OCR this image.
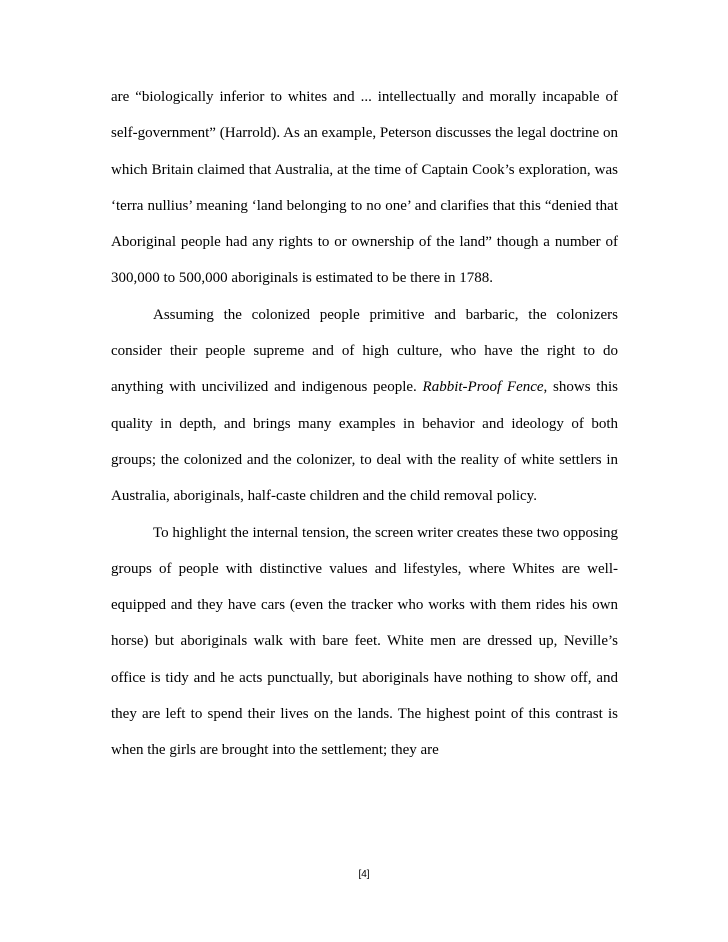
are “biologically inferior to whites and ... intellectually and morally incapable of self-government” (Harrold). As an example, Peterson discusses the legal doctrine on which Britain claimed that Australia, at the time of Captain Cook’s exploration, was ‘terra nullius’ meaning ‘land belonging to no one’ and clarifies that this “denied that Aboriginal people had any rights to or ownership of the land” though a number of 300,000 to 500,000 aboriginals is estimated to be there in 1788.

Assuming the colonized people primitive and barbaric, the colonizers consider their people supreme and of high culture, who have the right to do anything with uncivilized and indigenous people. Rabbit-Proof Fence, shows this quality in depth, and brings many examples in behavior and ideology of both groups; the colonized and the colonizer, to deal with the reality of white settlers in Australia, aboriginals, half-caste children and the child removal policy.

To highlight the internal tension, the screen writer creates these two opposing groups of people with distinctive values and lifestyles, where Whites are well-equipped and they have cars (even the tracker who works with them rides his own horse) but aboriginals walk with bare feet. White men are dressed up, Neville’s office is tidy and he acts punctually, but aboriginals have nothing to show off, and they are left to spend their lives on the lands. The highest point of this contrast is when the girls are brought into the settlement; they are

[4]
